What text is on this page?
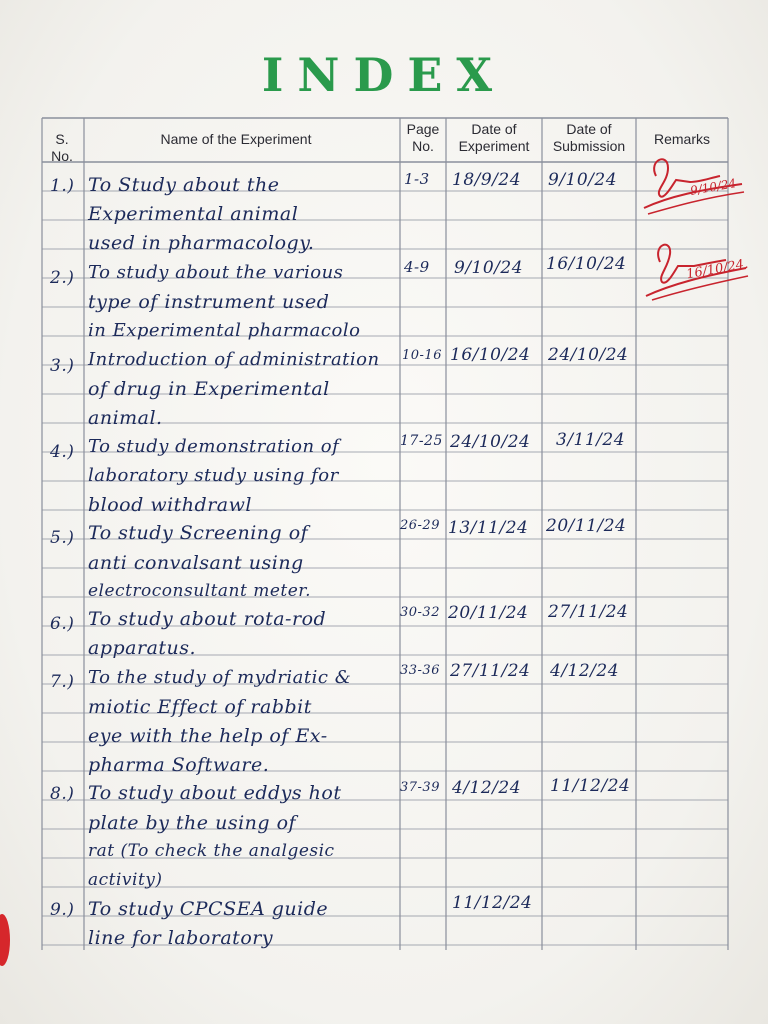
INDEX
S.
No.
Name of the Experiment
Page
No.
Date of
Experiment
Date of
Submission	Remarks
1.) To Study about the
Experimental animal
used in pharmacology.
1-3 18/9/24 9/10/24
2.) To study about the various
type of instrument used
in Experimental pharmacolo
4-9 9/10/24 16/10/24
3.) Introduction of administration
of drug in Experimental
animal.
10-16 16/10/24 24/10/24
4.) To study demonstration of
laboratory study using for
blood withdrawl
17-25 24/10/24 3/11/24
5.) To study Screening of
anti convalsant using
electroconsultant meter.
26-29 13/11/24 20/11/24
6.) To study about rota-rod
apparatus.
30-32 20/11/24 27/11/24
7.) To the study of mydriatic &
miotic Effect of rabbit
eye with the help of Ex-
pharma Software.
33-36 27/11/24 4/12/24
8.) To study about eddys hot
plate by the using of
rat (To check the analgesic
activity)
37-39 4/12/24 11/12/24
9.) To study CPCSEA guide
line for laboratory
11/12/24
9/10/24
16/10/24.
